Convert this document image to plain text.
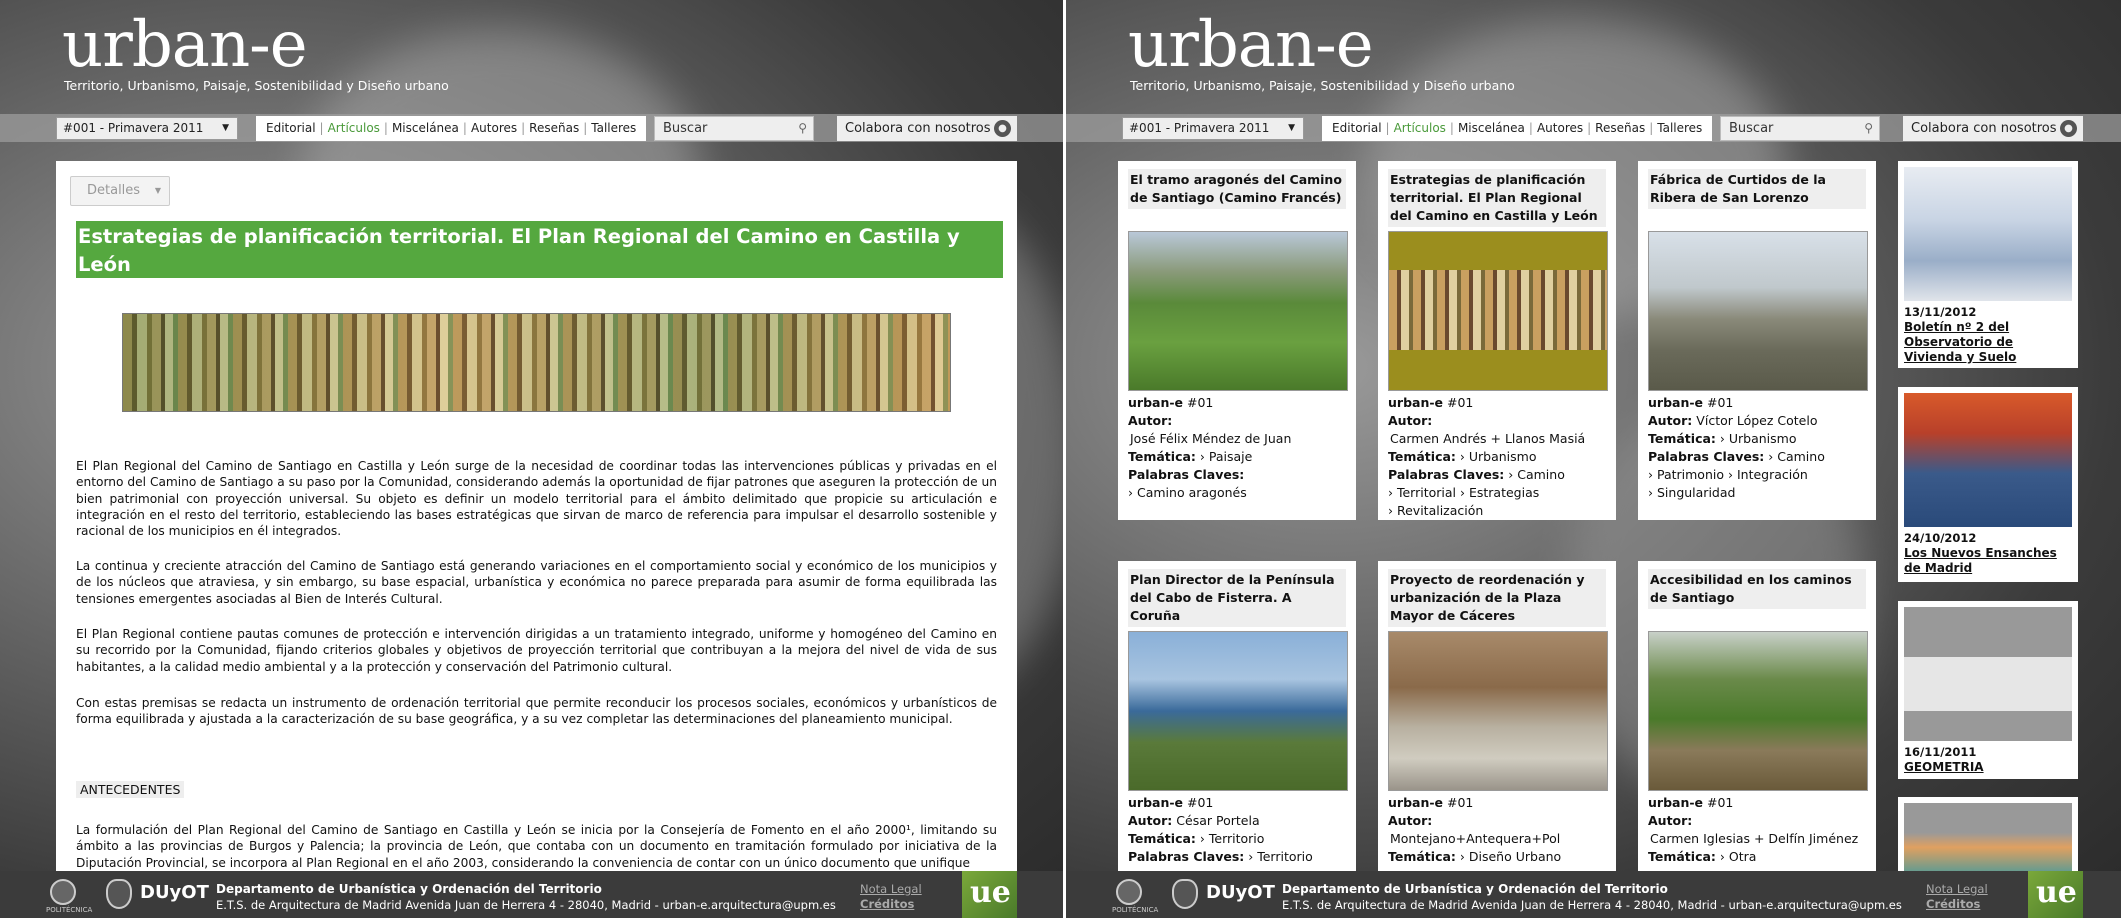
urban-e
Territorio, Urbanismo, Paisaje, Sostenibilidad y Diseño urbano
#001 - Primavera 2011 ▼	Editorial | Artículos | Miscelánea | Autores | Reseñas | Talleres	Buscar	⚲	Colabora con nosotros ●
Detalles ▼
Estrategias de planificación territorial. El Plan Regional del Camino en Castilla y León

El Plan Regional del Camino de Santiago en Castilla y León surge de la necesidad de coordinar todas las intervenciones públicas y privadas en el entorno del Camino de Santiago a su paso por la Comunidad, considerando además la oportunidad de fijar patrones que aseguren la protección de un bien patrimonial con proyección universal. Su objeto es definir un modelo territorial para el ámbito delimitado que propicie su articulación e integración en el resto del territorio, estableciendo las bases estratégicas que sirvan de marco de referencia para impulsar el desarrollo sostenible y racional de los municipios en él integrados.

La continua y creciente atracción del Camino de Santiago está generando variaciones en el comportamiento social y económico de los municipios y de los núcleos que atraviesa, y sin embargo, su base espacial, urbanística y económica no parece preparada para asumir de forma equilibrada las tensiones emergentes asociadas al Bien de Interés Cultural.

El Plan Regional contiene pautas comunes de protección e intervención dirigidas a un tratamiento integrado, uniforme y homogéneo del Camino en su recorrido por la Comunidad, fijando criterios globales y objetivos de proyección territorial que contribuyan a la mejora del nivel de vida de sus habitantes, a la calidad medio ambiental y a la protección y conservación del Patrimonio cultural.

Con estas premisas se redacta un instrumento de ordenación territorial que permite reconducir los procesos sociales, económicos y urbanísticos de forma equilibrada y ajustada a la caracterización de su base geográfica, y a su vez completar las determinaciones del planeamiento municipal.

ANTECEDENTES

La formulación del Plan Regional del Camino de Santiago en Castilla y León se inicia por la Consejería de Fomento en el año 2000¹, limitando su ámbito a las provincias de Burgos y Palencia; la provincia de León, que contaba con un documento en tramitación formulado por iniciativa de la Diputación Provincial, se incorpora al Plan Regional en el año 2003, considerando la conveniencia de contar con un único documento que unifique

POLITÉCNICA
DUyOT Departamento de Urbanística y Ordenación del Territorio
E.T.S. de Arquitectura de Madrid Avenida Juan de Herrera 4 - 28040, Madrid - urban-e.arquitectura@upm.es
Nota Legal
Créditos ue
urban-e
Territorio, Urbanismo, Paisaje, Sostenibilidad y Diseño urbano
#001 - Primavera 2011 ▼	Editorial | Artículos | Miscelánea | Autores | Reseñas | Talleres	Buscar	⚲	Colabora con nosotros ●
El tramo aragonés del Camino de Santiago (Camino Francés)
urban-e #01
Autor:
José Félix Méndez de Juan
Temática: › Paisaje
Palabras Claves:
› Camino aragonés
Estrategias de planificación territorial. El Plan Regional del Camino en Castilla y León
urban-e #01
Autor:
Carmen Andrés + Llanos Masiá
Temática: › Urbanismo
Palabras Claves: › Camino
› Territorial › Estrategias
› Revitalización
Fábrica de Curtidos de la Ribera de San Lorenzo
urban-e #01
Autor: Víctor López Cotelo
Temática: › Urbanismo
Palabras Claves: › Camino
› Patrimonio › Integración
› Singularidad
Plan Director de la Península del Cabo de Fisterra. A Coruña
urban-e #01
Autor: César Portela
Temática: › Territorio
Palabras Claves: › Territorio
Proyecto de reordenación y urbanización de la Plaza Mayor de Cáceres
urban-e #01
Autor:
Montejano+Antequera+Pol
Temática: › Diseño Urbano
Accesibilidad en los caminos de Santiago
urban-e #01
Autor:
Carmen Iglesias + Delfín Jiménez
Temática: › Otra
13/11/2012
Boletín nº 2 del Observatorio de Vivienda y Suelo
24/10/2012
Los Nuevos Ensanches de Madrid
16/11/2011
GEOMETRIA
POLITÉCNICA
DUyOT Departamento de Urbanística y Ordenación del Territorio
E.T.S. de Arquitectura de Madrid Avenida Juan de Herrera 4 - 28040, Madrid - urban-e.arquitectura@upm.es
Nota Legal
Créditos ue
